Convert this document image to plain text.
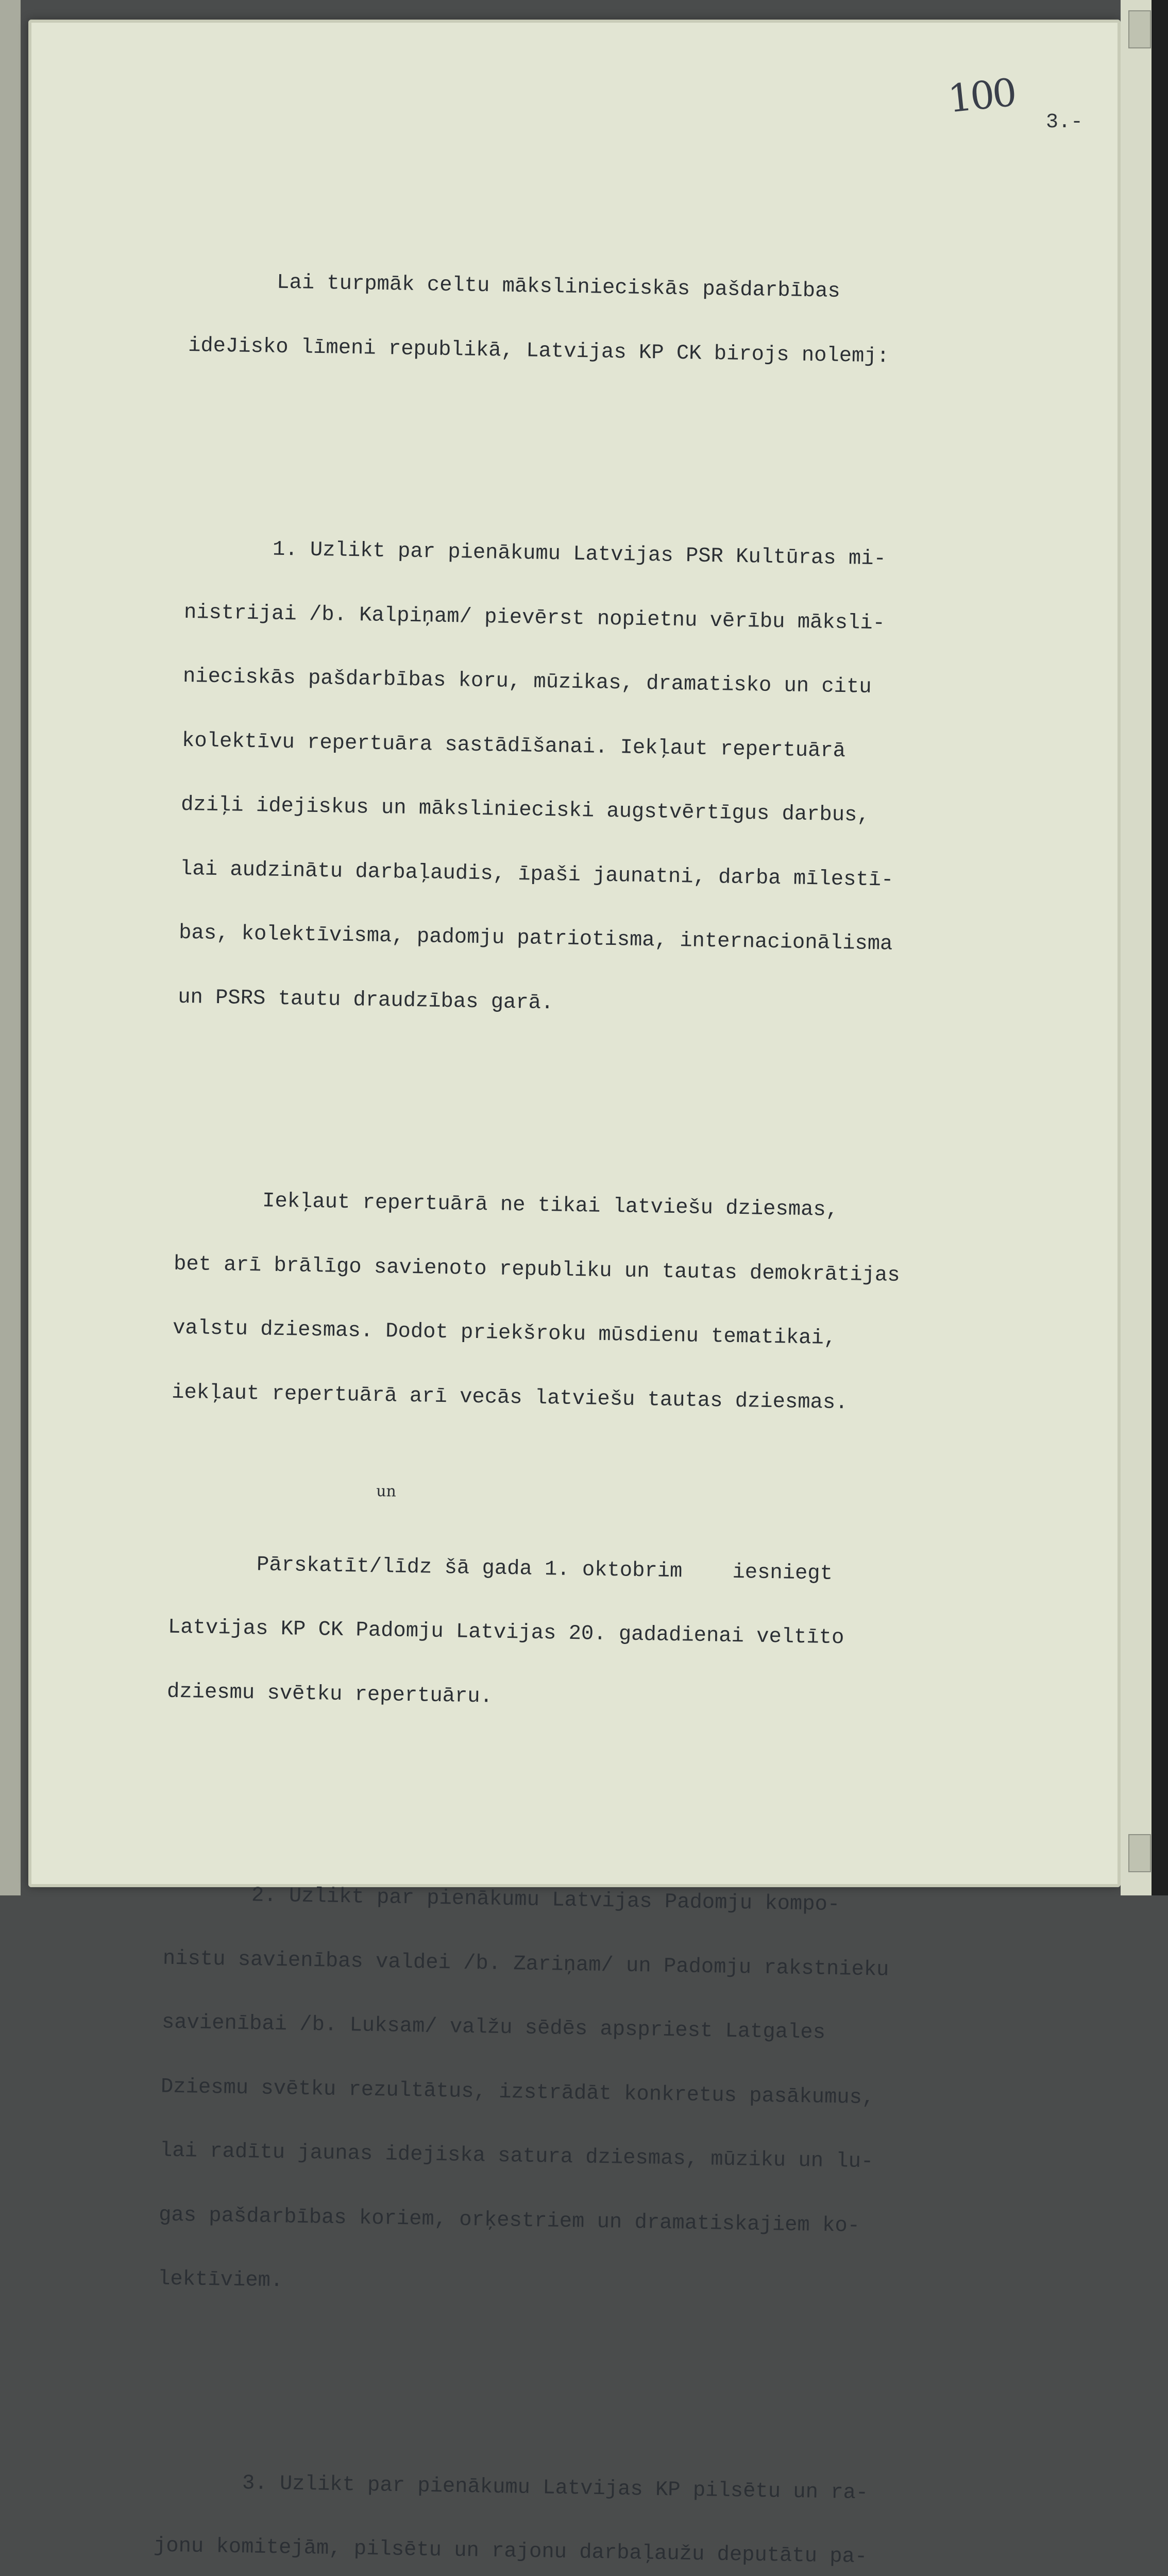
100
3.-

Lai turpmāk celtu mākslinieciskās pašdarbības

ideJisko līmeni republikā, Latvijas KP CK birojs nolemj:

1. Uzlikt par pienākumu Latvijas PSR Kultūras mi-

nistrijai /b. Kalpiņam/ pievērst nopietnu vērību māksli-

nieciskās pašdarbības koru, mūzikas, dramatisko un citu

kolektīvu repertuāra sastādīšanai. Iekļaut repertuārā

dziļi idejiskus un mākslinieciski augstvērtīgus darbus,

lai audzinātu darbaļaudis, īpaši jaunatni, darba mīlestī-

bas, kolektīvisma, padomju patriotisma, internacionālisma

un PSRS tautu draudzības garā.

Iekļaut repertuārā ne tikai latviešu dziesmas,

bet arī brālīgo savienoto republiku un tautas demokrātijas

valstu dziesmas. Dodot priekšroku mūsdienu tematikai,

iekļaut repertuārā arī vecās latviešu tautas dziesmas.

un

Pārskatīt/līdz šā gada 1. oktobrim    iesniegt

Latvijas KP CK Padomju Latvijas 20. gadadienai veltīto

dziesmu svētku repertuāru.

2. Uzlikt par pienākumu Latvijas Padomju kompo-

nistu savienības valdei /b. Zariņam/ un Padomju rakstnieku

savienībai /b. Luksam/ valžu sēdēs apspriest Latgales

Dziesmu svētku rezultātus, izstrādāt konkretus pasākumus,

lai radītu jaunas idejiska satura dziesmas, mūziku un lu-

gas pašdarbības koriem, orķestriem un dramatiskajiem ko-

lektīviem.

3. Uzlikt par pienākumu Latvijas KP pilsētu un ra-

jonu komitejām, pilsētu un rajonu darbaļaužu deputātu pa-
